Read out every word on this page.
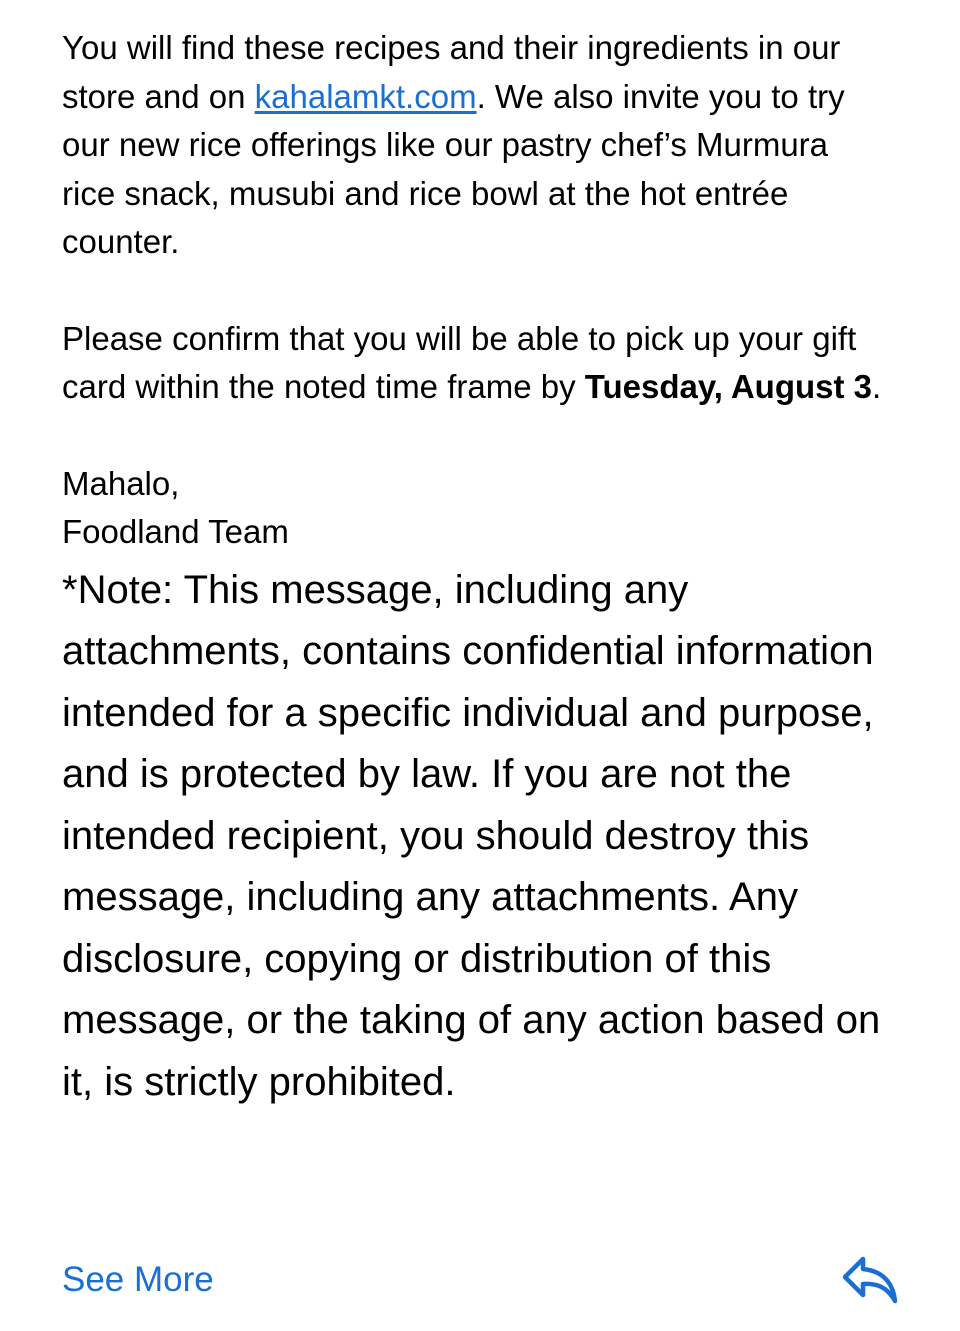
You will find these recipes and their ingredients in our store and on kahalamkt.com. We also invite you to try our new rice offerings like our pastry chef’s Murmura rice snack, musubi and rice bowl at the hot entrée counter.

Please confirm that you will be able to pick up your gift card within the noted time frame by Tuesday, August 3.

Mahalo,

Foodland Team

*Note: This message, including any attachments, contains confidential information intended for a specific individual and purpose, and is protected by law. If you are not the intended recipient, you should destroy this message, including any attachments. Any disclosure, copying or distribution of this message, or the taking of any action based on it, is strictly prohibited.

See More
